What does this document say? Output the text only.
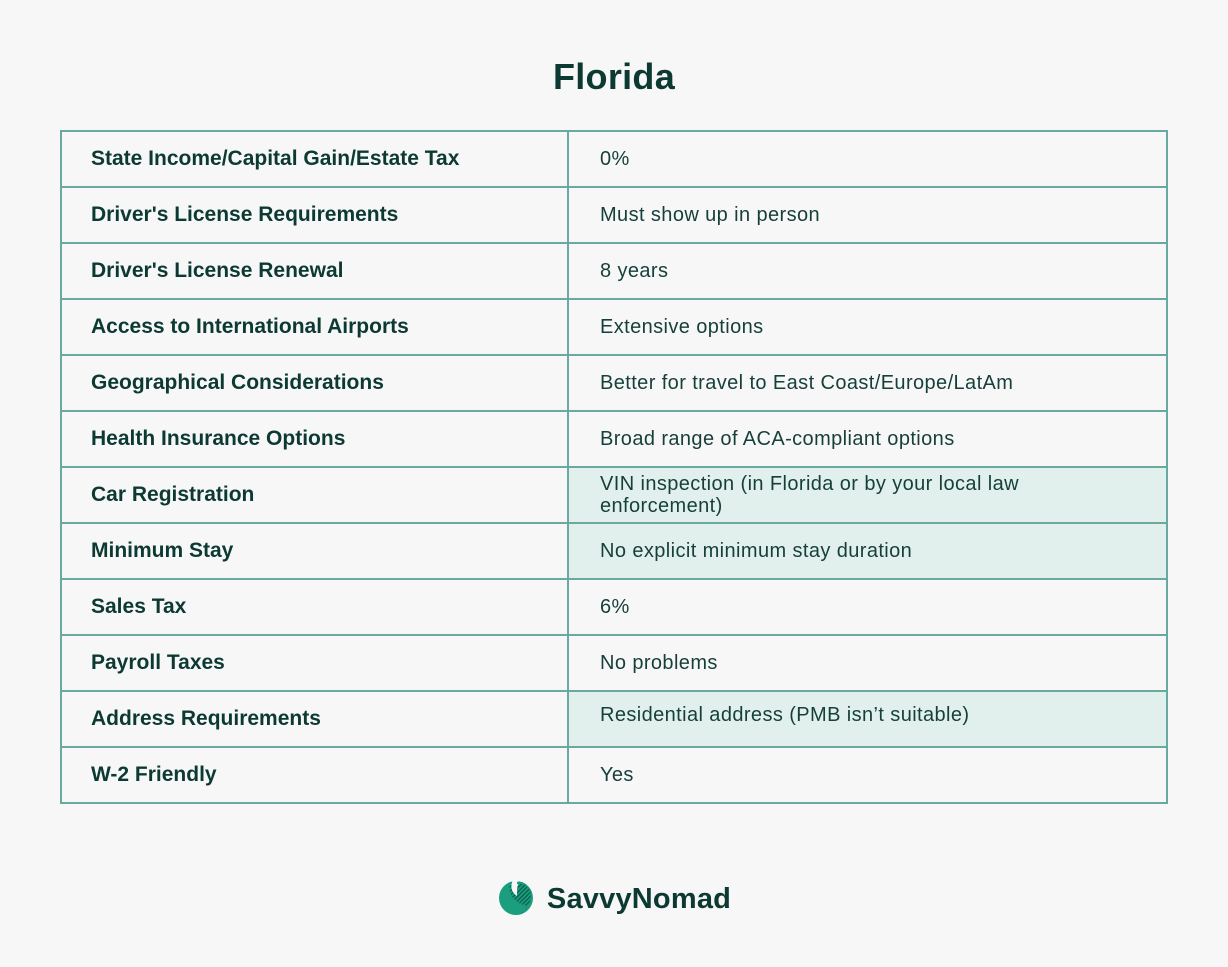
Florida
State Income/Capital Gain/Estate Tax	0%
Driver's License Requirements	Must show up in person
Driver's License Renewal	8 years
Access to International Airports	Extensive options
Geographical Considerations	Better for travel to East Coast/Europe/LatAm
Health Insurance Options	Broad range of ACA-compliant options
Car Registration	VIN inspection (in Florida or by your local law enforcement)
Minimum Stay	No explicit minimum stay duration
Sales Tax	6%
Payroll Taxes	No problems
Address Requirements	Residential address (PMB isn’t suitable)
W-2 Friendly	Yes
SavvyNomad
